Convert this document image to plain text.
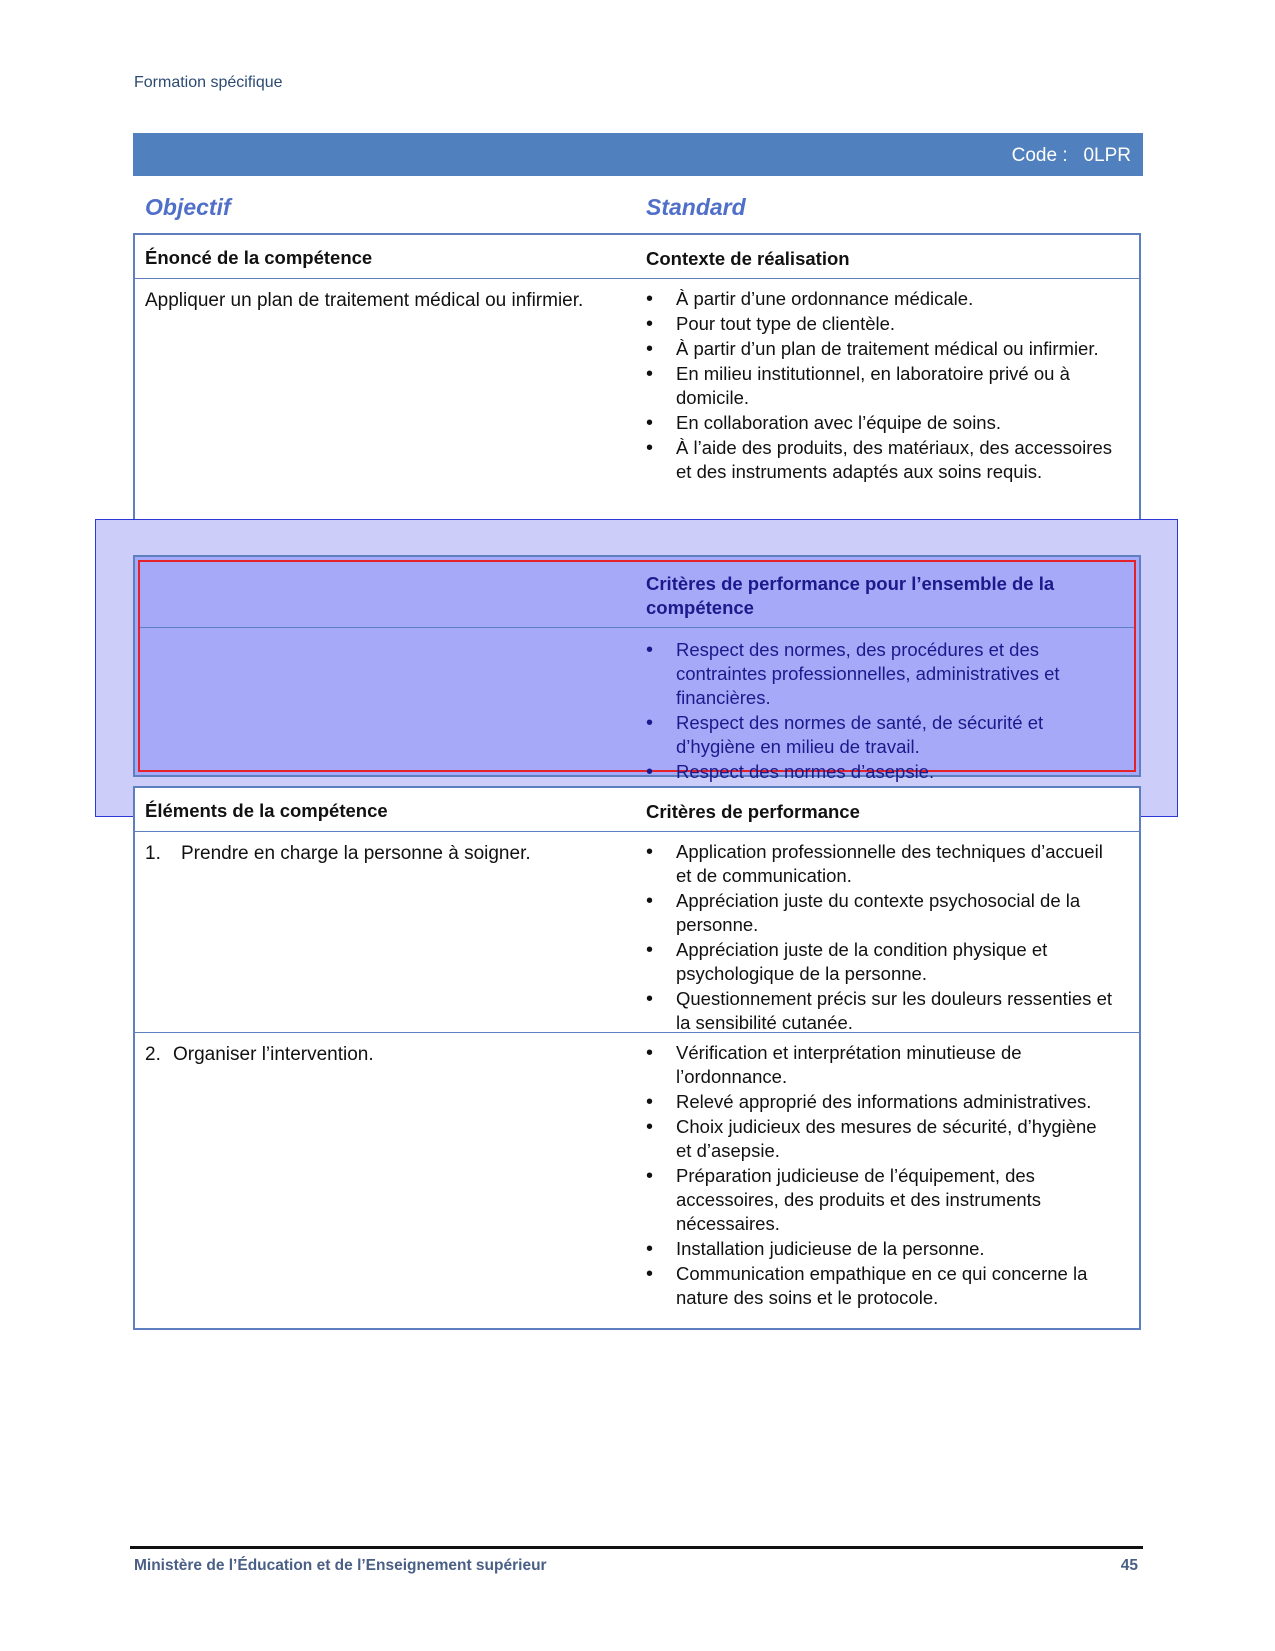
Formation spécifique
Code : 0LPR
Objectif	Standard
Énoncé de la compétence	Contexte de réalisation
Appliquer un plan de traitement médical ou infirmier.	• À partir d’une ordonnance médicale.
• Pour tout type de clientèle.
• À partir d’un plan de traitement médical ou infirmier.
• En milieu institutionnel, en laboratoire privé ou à domicile.
• En collaboration avec l’équipe de soins.
• À l’aide des produits, des matériaux, des accessoires et des instruments adaptés aux soins requis.
Critères de performance pour l’ensemble de la compétence
• Respect des normes, des procédures et des contraintes professionnelles, administratives et financières.
• Respect des normes de santé, de sécurité et d’hygiène en milieu de travail.
• Respect des normes d’asepsie.
Éléments de la compétence	Critères de performance
1. Prendre en charge la personne à soigner.	• Application professionnelle des techniques d’accueil et de communication.
• Appréciation juste du contexte psychosocial de la personne.
• Appréciation juste de la condition physique et psychologique de la personne.
• Questionnement précis sur les douleurs ressenties et la sensibilité cutanée.
2. Organiser l’intervention.	• Vérification et interprétation minutieuse de l’ordonnance.
• Relevé approprié des informations administratives.
• Choix judicieux des mesures de sécurité, d’hygiène et d’asepsie.
• Préparation judicieuse de l’équipement, des accessoires, des produits et des instruments nécessaires.
• Installation judicieuse de la personne.
• Communication empathique en ce qui concerne la nature des soins et le protocole.
Ministère de l’Éducation et de l’Enseignement supérieur	45
